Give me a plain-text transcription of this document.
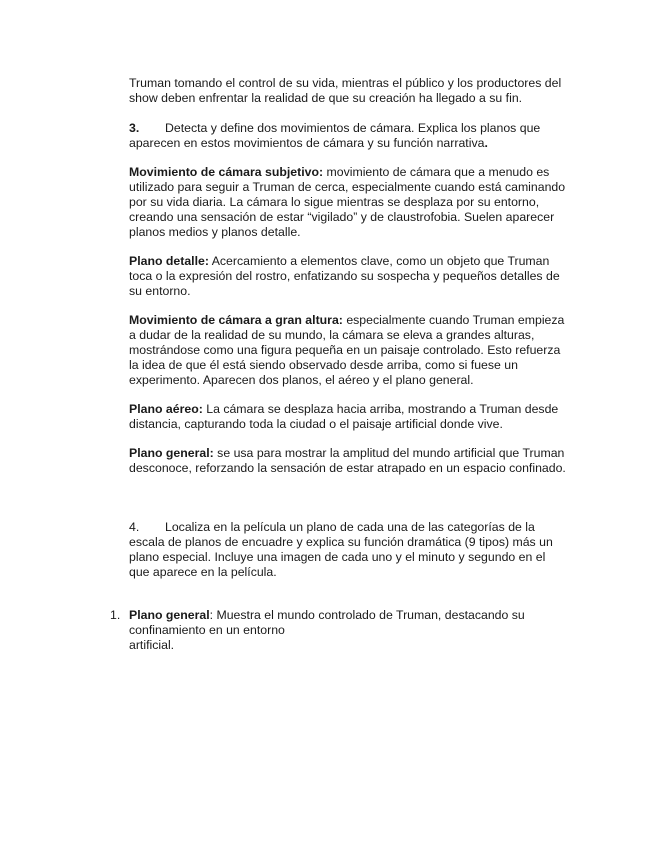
Truman tomando el control de su vida, mientras el público y los productores del show deben enfrentar la realidad de que su creación ha llegado a su fin.

3. Detecta y define dos movimientos de cámara. Explica los planos que aparecen en estos movimientos de cámara y su función narrativa.

Movimiento de cámara subjetivo: movimiento de cámara que a menudo es utilizado para seguir a Truman de cerca, especialmente cuando está caminando por su vida diaria. La cámara lo sigue mientras se desplaza por su entorno, creando una sensación de estar “vigilado” y de claustrofobia. Suelen aparecer planos medios y planos detalle.

Plano detalle: Acercamiento a elementos clave, como un objeto que Truman toca o la expresión del rostro, enfatizando su sospecha y pequeños detalles de su entorno.

Movimiento de cámara a gran altura: especialmente cuando Truman empieza a dudar de la realidad de su mundo, la cámara se eleva a grandes alturas, mostrándose como una figura pequeña en un paisaje controlado. Esto refuerza la idea de que él está siendo observado desde arriba, como si fuese un experimento. Aparecen dos planos, el aéreo y el plano general.

Plano aéreo: La cámara se desplaza hacia arriba, mostrando a Truman desde distancia, capturando toda la ciudad o el paisaje artificial donde vive.

Plano general: se usa para mostrar la amplitud del mundo artificial que Truman desconoce, reforzando la sensación de estar atrapado en un espacio confinado.

4. Localiza en la película un plano de cada una de las categorías de la escala de planos de encuadre y explica su función dramática (9 tipos) más un plano especial. Incluye una imagen de cada uno y el minuto y segundo en el que aparece en la película.

1. Plano general: Muestra el mundo controlado de Truman, destacando su confinamiento en un entorno
artificial.
